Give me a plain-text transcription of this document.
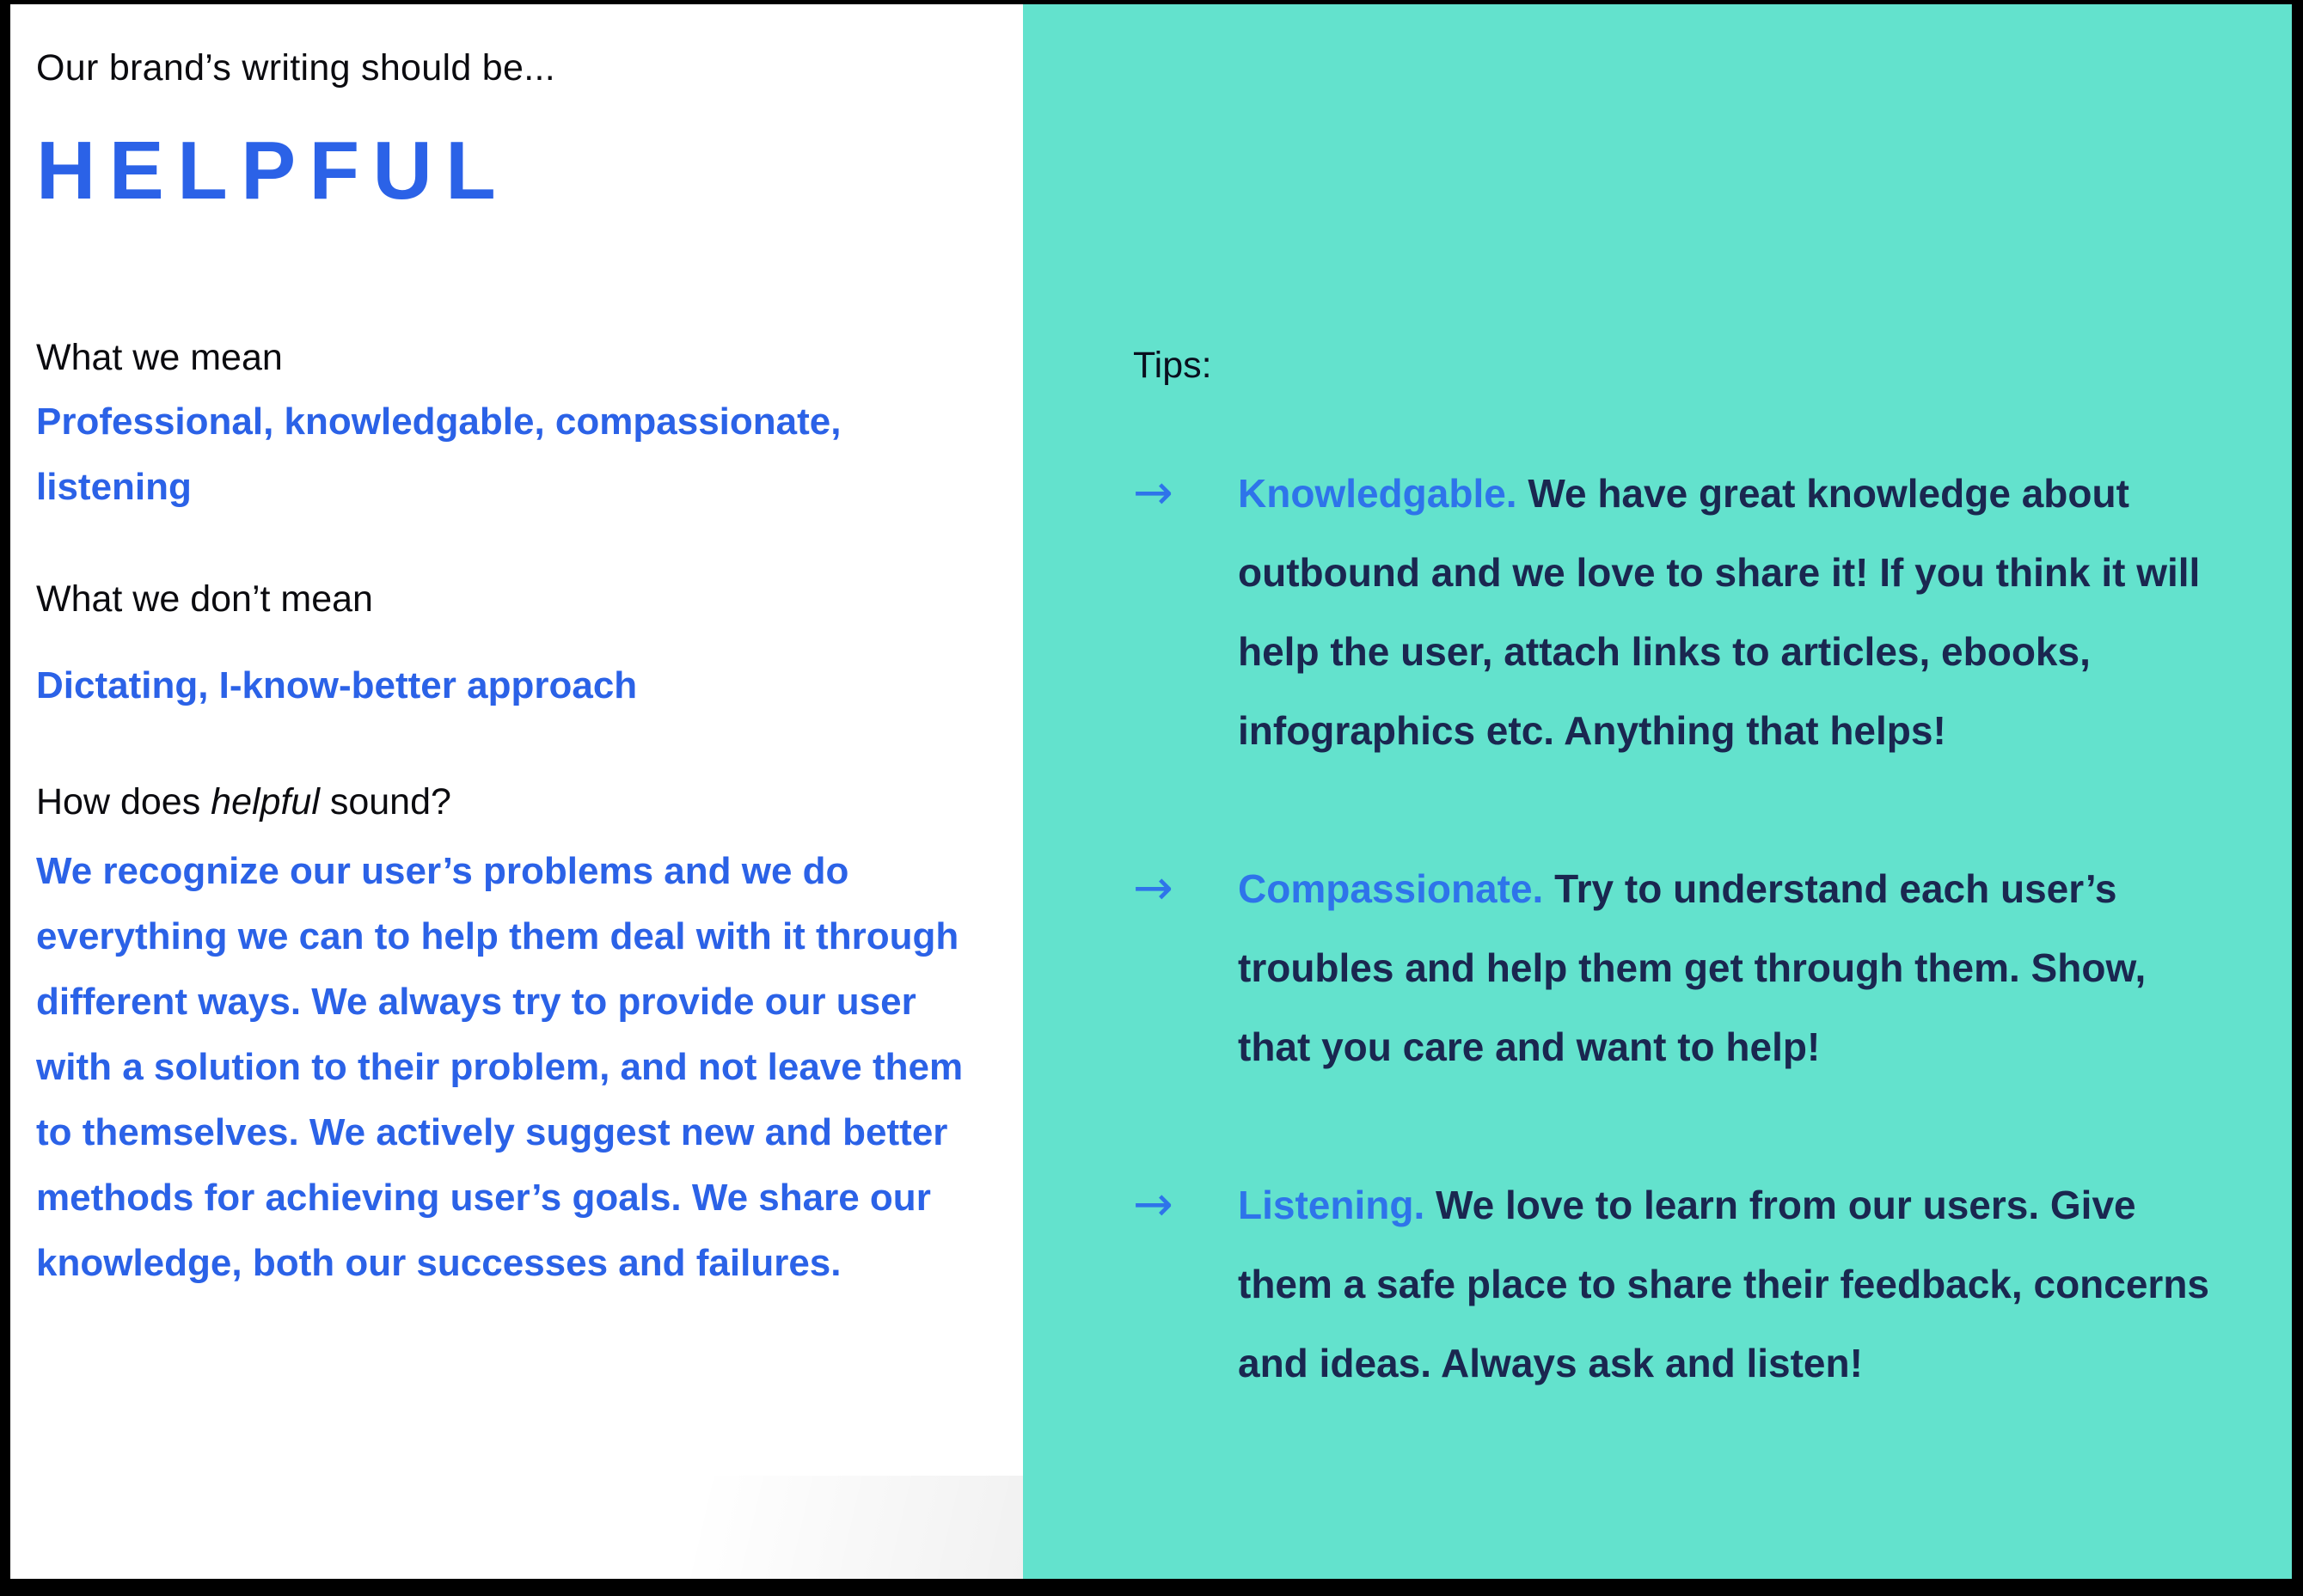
Our brand’s writing should be...
HELPFUL
What we mean
Professional, knowledgable, compassionate, listening
What we don’t mean
Dictating, I-know-better approach
How does helpful sound?
We recognize our user’s problems and we do everything we can to help them deal with it through different ways. We always try to provide our user with a solution to their problem, and not leave them to themselves. We actively suggest new and better methods for achieving user’s goals. We share our knowledge, both our successes and failures.
Tips:
→	Knowledgable. We have great knowledge about outbound and we love to share it! If you think it will help the user, attach links to articles, ebooks, infographics etc. Anything that helps!
→	Compassionate. Try to understand each user’s troubles and help them get through them. Show, that you care and want to help!
→	Listening. We love to learn from our users. Give them a safe place to share their feedback, concerns and ideas. Always ask and listen!
